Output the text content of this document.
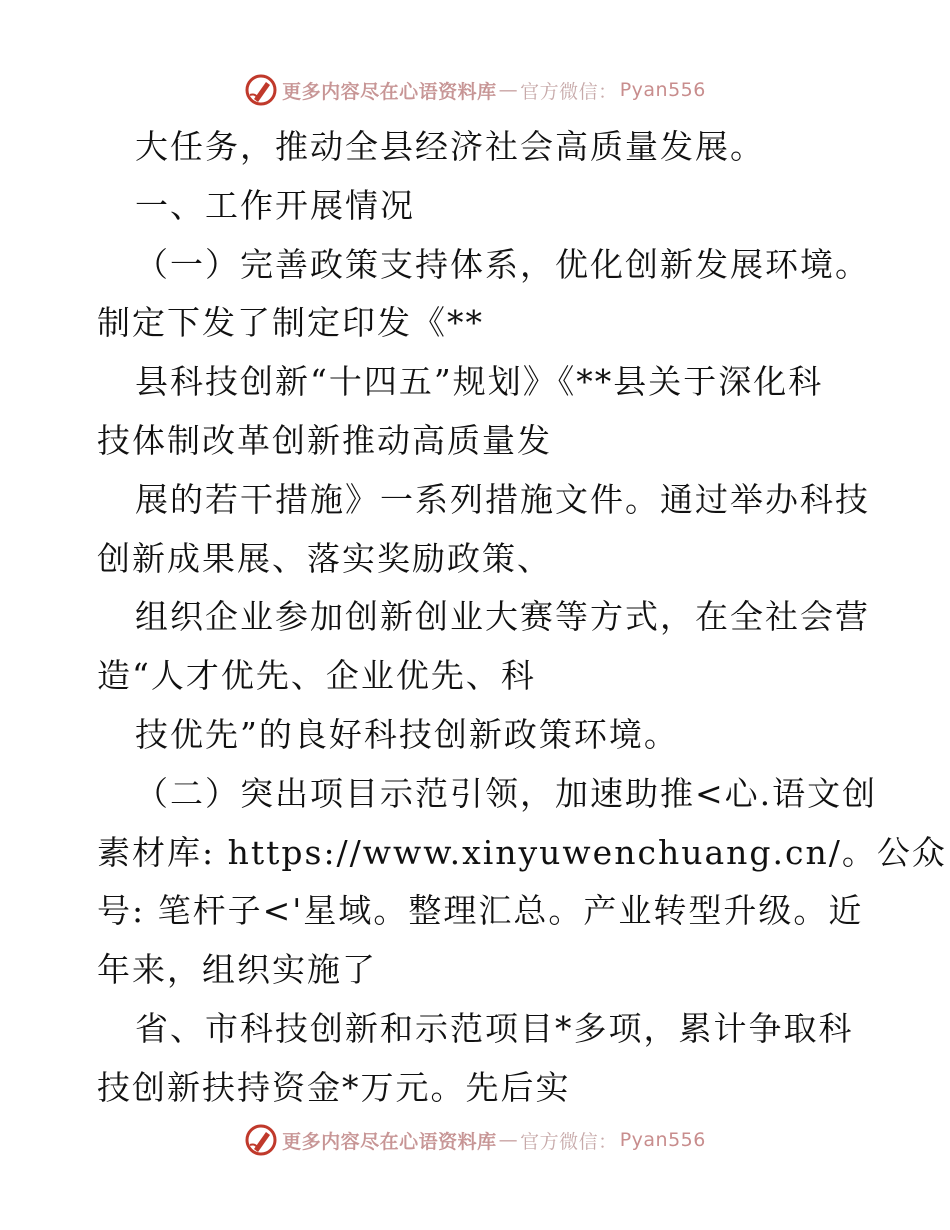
更多内容尽在心语资料库 — 官方微信： Pyan556
大任务，推动全县经济社会高质量发展。
一、工作开展情况
（一）完善政策支持体系，优化创新发展环境。
制定下发了制定印发《**
县科技创新“十四五”规划》《**县关于深化科
技体制改革创新推动高质量发
展的若干措施》一系列措施文件。通过举办科技
创新成果展、落实奖励政策、
组织企业参加创新创业大赛等方式，在全社会营
造“人才优先、企业优先、科
技优先”的良好科技创新政策环境。
（二）突出项目示范引领，加速助推<心.语文创
素材库: https://www.xinyuwenchuang.cn/。公众
号: 笔杆子<'星域。整理汇总。产业转型升级。近
年来，组织实施了
省、市科技创新和示范项目*多项，累计争取科
技创新扶持资金*万元。先后实
更多内容尽在心语资料库 — 官方微信： Pyan556
